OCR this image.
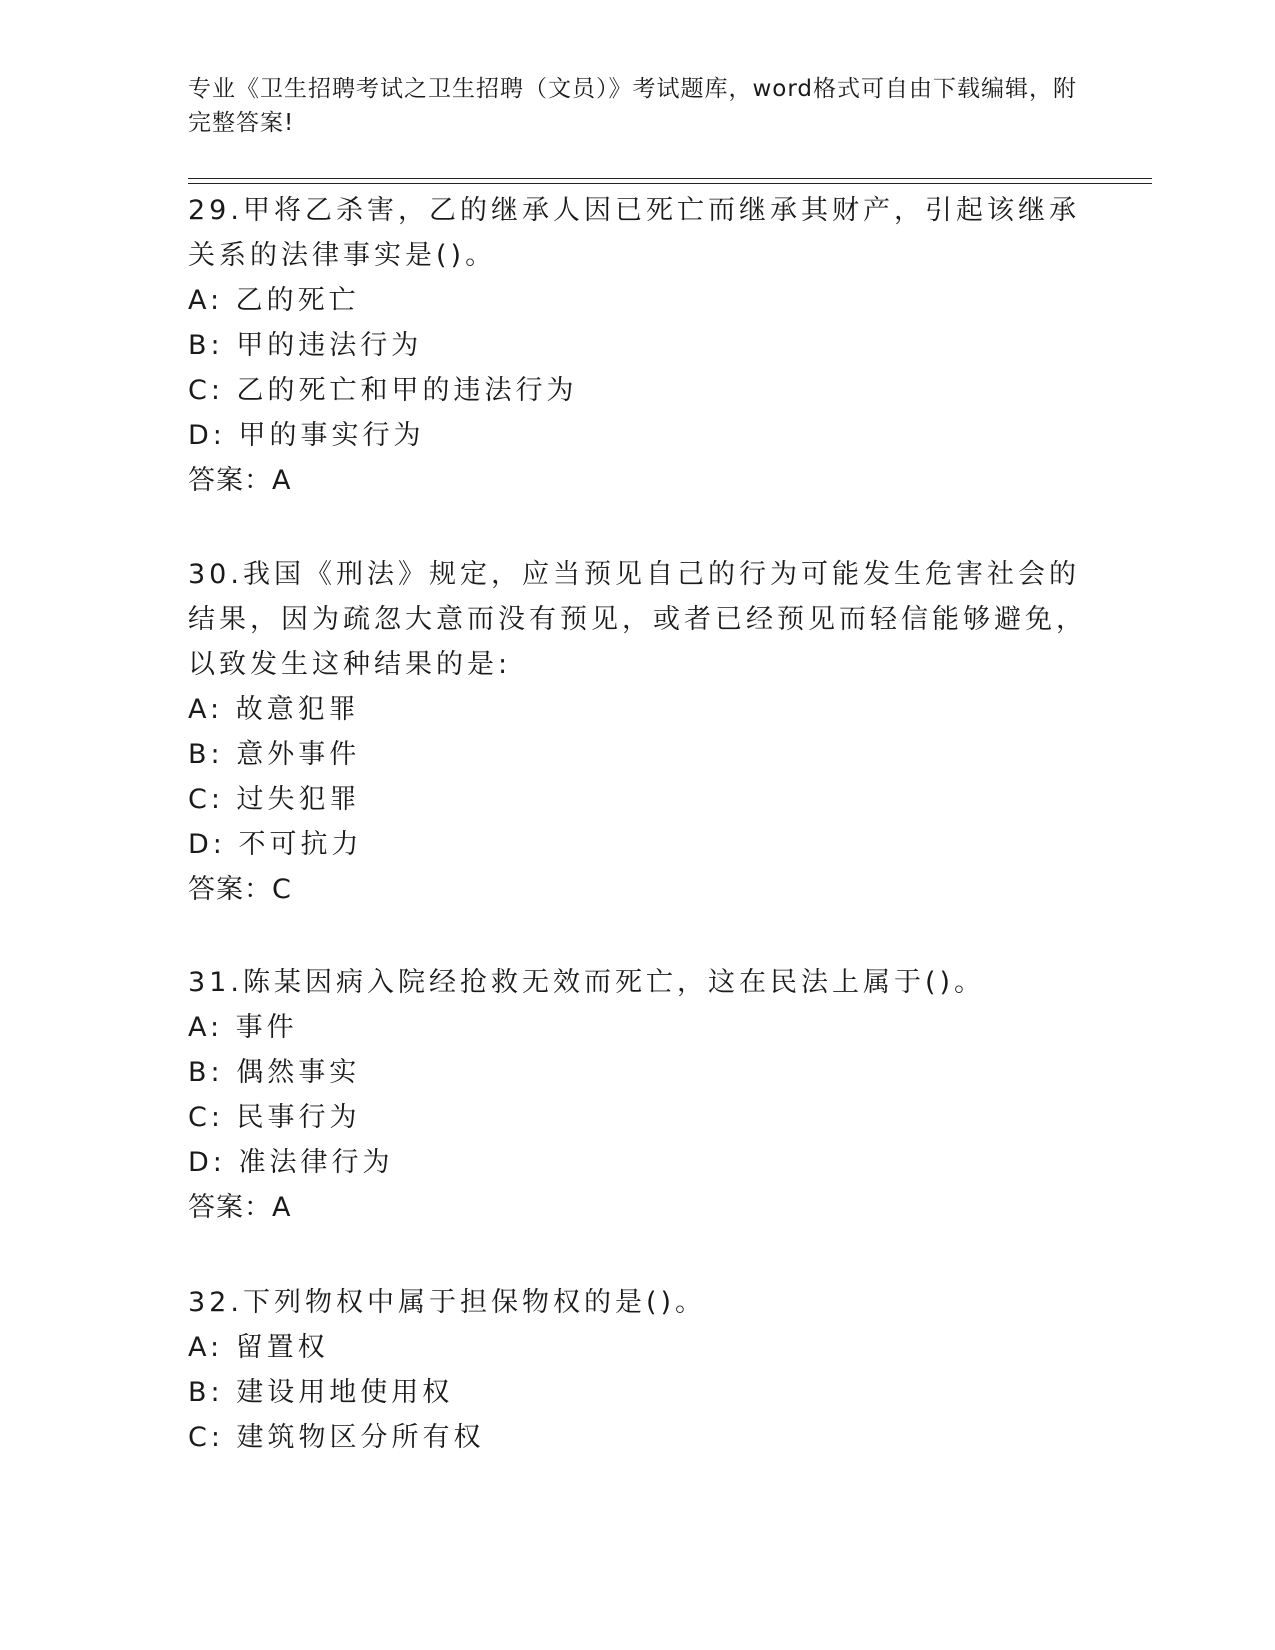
专业《卫生招聘考试之卫生招聘（文员）》考试题库，word格式可自由下载编辑，附完整答案!

29.甲将乙杀害，乙的继承人因已死亡而继承其财产，引起该继承关系的法律事实是()。

A: 乙的死亡
B: 甲的违法行为
C: 乙的死亡和甲的违法行为
D: 甲的事实行为
答案：A

30.我国《刑法》规定，应当预见自己的行为可能发生危害社会的结果，因为疏忽大意而没有预见，或者已经预见而轻信能够避免，以致发生这种结果的是:

A: 故意犯罪
B: 意外事件
C: 过失犯罪
D: 不可抗力
答案：C

31.陈某因病入院经抢救无效而死亡，这在民法上属于()。

A: 事件
B: 偶然事实
C: 民事行为
D: 准法律行为
答案：A

32.下列物权中属于担保物权的是()。

A: 留置权
B: 建设用地使用权
C: 建筑物区分所有权
